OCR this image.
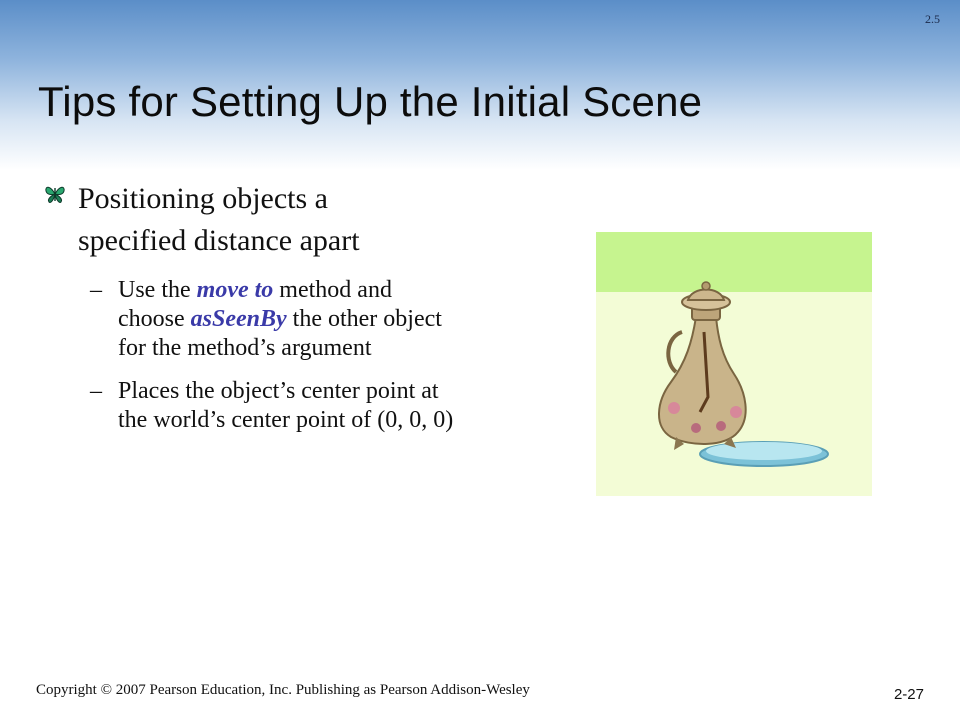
2.5
Tips for Setting Up the Initial Scene
Positioning objects a specified distance apart
– Use the move to method and choose asSeenBy the other object for the method’s argument
– Places the object’s center point at the world’s center point of (0, 0, 0)
Copyright © 2007 Pearson Education, Inc. Publishing as Pearson Addison-Wesley	2-27
